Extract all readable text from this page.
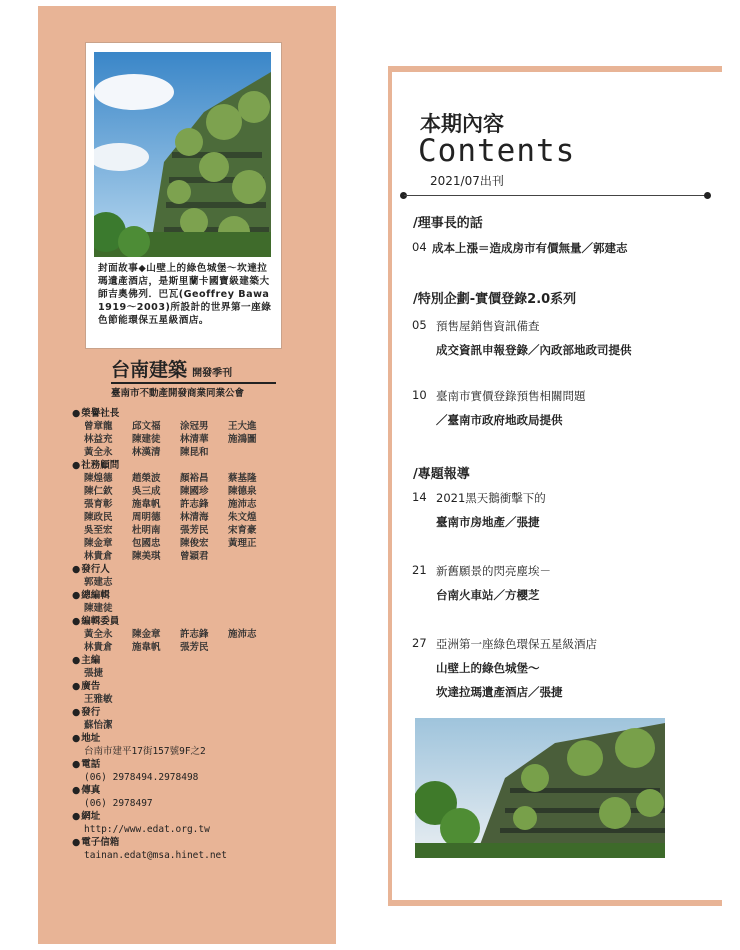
封面故事◆山壁上的綠色城堡～坎達拉瑪遺產酒店，是斯里蘭卡國寶級建築大師吉奧佛列．巴瓦(Geoffrey Bawa 1919～2003)所設計的世界第一座綠色節能環保五星級酒店。
台南建築 開發季刊
臺南市不動產開發商業同業公會
● 榮譽社長
曾章龍 邱文福 涂冠男 王大進林益充 陳建徒 林清華 施鴻圖黃全永 林漢清 陳昆和
● 社務顧問
陳煌德 趙榮波 顏裕昌 蔡基隆陳仁欽 吳三成 陳國珍 陳德泉張育彰 施韋帆 許志鋒 施沛志陳政民 周明德 林清海 朱文煌吳至宏 杜明南 張芳民 宋育豪陳金章 包國忠 陳俊宏 黃理正林貴倉 陳美琪 曾穎君
● 發行人
郭建志
● 總編輯
陳建徒
● 編輯委員
黃全永 陳金章 許志鋒 施沛志林貴倉 施韋帆 張芳民
● 主編
張捷
● 廣告
王雅敏
● 發行
蘇怡潔
● 地址
台南市建平17街157號9F之2
● 電話
(06) 2978494.2978498
● 傳真
(06) 2978497
● 網址
http://www.edat.org.tw
● 電子信箱
tainan.edat@msa.hinet.net
本期內容
Contents
2021/07出刊
/理事長的話
04 成本上漲＝造成房市有價無量／郭建志
/特別企劃-實價登錄2.0系列
05 預售屋銷售資訊備查
成交資訊申報登錄／內政部地政司提供
10 臺南市實價登錄預售相關問題
／臺南市政府地政局提供
/專題報導
14 2021黑天鵝衝擊下的
臺南市房地產／張捷
21 新舊願景的閃亮塵埃－
台南火車站／方櫻芝
27 亞洲第一座綠色環保五星級酒店
山壁上的綠色城堡～
坎達拉瑪遺產酒店／張捷
